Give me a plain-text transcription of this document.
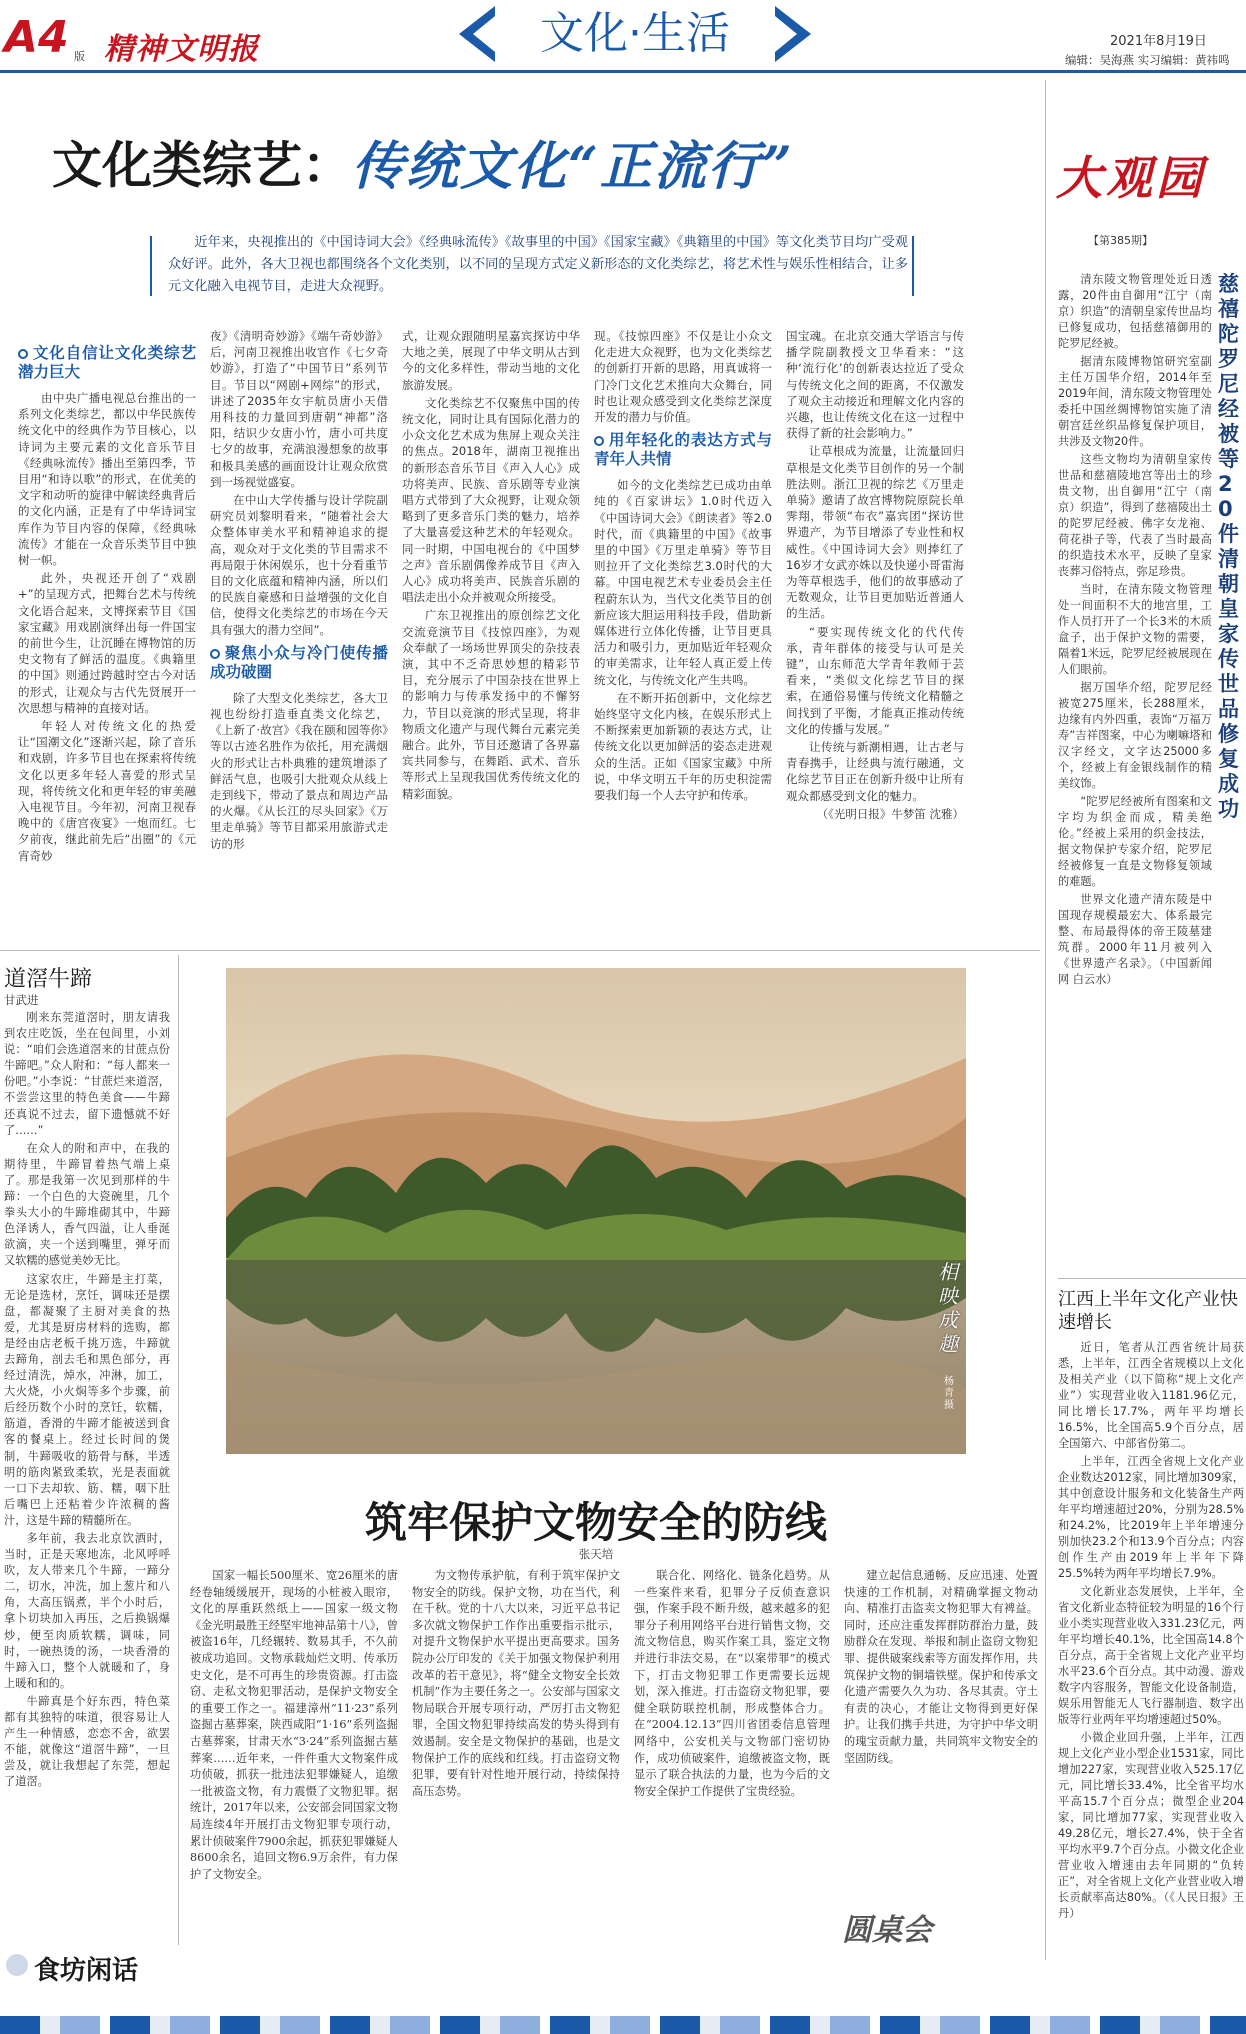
A4 版 精神文明报	文化·生活	2021年8月19日
编辑：吴海燕 实习编辑：黄祎鸣
文化类综艺：传统文化“正流行”
近年来，央视推出的《中国诗词大会》《经典咏流传》《故事里的中国》《国家宝藏》《典籍里的中国》等文化类节目均广受观众好评。此外，各大卫视也都围绕各个文化类别，以不同的呈现方式定义新形态的文化类综艺，将艺术性与娱乐性相结合，让多元文化融入电视节目，走进大众视野。
文化自信让文化类综艺潜力巨大

由中央广播电视总台推出的一系列文化类综艺，都以中华民族传统文化中的经典作为节目核心，以诗词为主要元素的文化音乐节目《经典咏流传》播出至第四季，节目用“和诗以歌”的形式，在优美的文字和动听的旋律中解读经典背后的文化内涵，正是有了中华诗词宝库作为节目内容的保障，《经典咏流传》才能在一众音乐类节目中独树一帜。

此外，央视还开创了“戏剧+”的呈现方式，把舞台艺术与传统文化语合起来，文博探索节目《国家宝藏》用戏剧演绎出每一件国宝的前世今生，让沉睡在博物馆的历史文物有了鲜活的温度。《典籍里的中国》则通过跨越时空古今对话的形式，让观众与古代先贤展开一次思想与精神的直接对话。

年轻人对传统文化的热爱让“国潮文化”逐渐兴起，除了音乐和戏剧，许多节目也在探索将传统文化以更多年轻人喜爱的形式呈现，将传统文化和更年轻的审美融入电视节目。今年初，河南卫视春晚中的《唐宫夜宴》一炮而红。七夕前夜，继此前先后“出圈”的《元宵奇妙

夜》《清明奇妙游》《端午奇妙游》后，河南卫视推出收官作《七夕奇妙游》，打造了“中国节日”系列节目。节目以“网剧+网综”的形式，讲述了2035年女宇航员唐小天借用科技的力量回到唐朝“神都”洛阳，结识少女唐小竹，唐小可共度七夕的故事，充满浪漫想象的故事和极具美感的画面设计让观众欣赏到一场视觉盛宴。

在中山大学传播与设计学院副研究员刘黎明看来，“随着社会大众整体审美水平和精神追求的提高，观众对于文化类的节目需求不再局限于休闲娱乐，也十分看重节目的文化底蕴和精神内涵，所以们的民族自豪感和日益增强的文化自信，使得文化类综艺的市场在今天具有强大的潜力空间”。

聚焦小众与冷门使传播成功破圈

除了大型文化类综艺，各大卫视也纷纷打造垂直类文化综艺，《上新了·故宫》《我在颐和园等你》等以古迹名胜作为依托，用充满烟火的形式让古朴典雅的建筑增添了鲜活气息，也吸引大批观众从线上走到线下，带动了景点和周边产品的火爆。《从长江的尽头回家》《万里走单骑》等节目都采用旅游式走访的形

式，让观众跟随明星嘉宾探访中华大地之美，展现了中华文明从古到今的文化多样性，带动当地的文化旅游发展。

文化类综艺不仅聚焦中国的传统文化，同时让具有国际化潜力的小众文化艺术成为焦屏上观众关注的焦点。2018年，湖南卫视推出的新形态音乐节目《声入人心》成功将美声、民族、音乐剧等专业演唱方式带到了大众视野，让观众领略到了更多音乐门类的魅力，培养了大量喜爱这种艺术的年轻观众。同一时期，中国电视台的《中国梦之声》音乐剧偶像养成节目《声入人心》成功将美声、民族音乐剧的唱法走出小众并被观众所接受。

广东卫视推出的原创综艺文化交流竞演节目《技惊四座》，为观众奉献了一场场世界顶尖的杂技表演，其中不乏奇思妙想的精彩节目，充分展示了中国杂技在世界上的影响力与传承发扬中的不懈努力，节目以竞演的形式呈现，将非物质文化遗产与现代舞台元素完美融合。此外，节目还邀请了各界嘉宾共同参与，在舞蹈、武术、音乐等形式上呈现我国优秀传统文化的精彩面貌。

现。《技惊四座》不仅是让小众文化走进大众视野，也为文化类综艺的创新打开新的思路，用真诚将一门冷门文化艺术推向大众舞台，同时也让观众感受到文化类综艺深度开发的潜力与价值。

用年轻化的表达方式与青年人共情

如今的文化类综艺已成功由单纯的《百家讲坛》1.0时代迈入《中国诗词大会》《朗读者》等2.0时代，而《典籍里的中国》《故事里的中国》《万里走单骑》等节目则拉开了文化类综艺3.0时代的大幕。中国电视艺术专业委员会主任程蔚东认为，当代文化类节目的创新应该大胆运用科技手段，借助新媒体进行立体化传播，让节目更具活力和吸引力，更加贴近年轻观众的审美需求，让年轻人真正爱上传统文化，与传统文化产生共鸣。

在不断开拓创新中，文化综艺始终坚守文化内核，在娱乐形式上不断探索更加新颖的表达方式，让传统文化以更加鲜活的姿态走进观众的生活。正如《国家宝藏》中所说，中华文明五千年的历史积淀需要我们每一个人去守护和传承。

国宝魂。在北京交通大学语言与传播学院副教授文卫华看来：“这种‘流行化’的创新表达拉近了受众与传统文化之间的距离，不仅激发了观众主动接近和理解文化内容的兴趣，也让传统文化在这一过程中获得了新的社会影响力。”

让草根成为流量，让流量回归草根是文化类节目创作的另一个制胜法则。浙江卫视的综艺《万里走单骑》邀请了故宫博物院原院长单霁翔，带领“布衣”嘉宾团“探访世界遗产，为节目增添了专业性和权威性。《中国诗词大会》则捧红了16岁才女武亦姝以及快递小哥雷海为等草根选手，他们的故事感动了无数观众，让节目更加贴近普通人的生活。

“要实现传统文化的代代传承，青年群体的接受与认可是关键”，山东师范大学青年教师于芸看来，“类似文化综艺节目的探索，在通俗易懂与传统文化精髓之间找到了平衡，才能真正推动传统文化的传播与发展。”

让传统与新潮相遇，让古老与青春携手，让经典与流行融通，文化综艺节目正在创新升级中让所有观众都感受到文化的魅力。

（《光明日报》牛梦笛 沈雅）

大观园
【第385期】
慈禧陀罗尼经被等20件清朝皇家传世品修复成功

清东陵文物管理处近日透露，20件由自御用“江宁（南京）织造”的清朝皇家传世品均已修复成功，包括慈禧御用的陀罗尼经被。

据清东陵博物馆研究室副主任万国华介绍，2014年至2019年间，清东陵文物管理处委托中国丝绸博物馆实施了清朝宫廷丝织品修复保护项目，共涉及文物20件。

这些文物均为清朝皇家传世品和慈禧陵地宫等出土的珍贵文物，出自御用“江宁（南京）织造”，得到了慈禧陵出土的陀罗尼经被、佛字女龙袍、荷花褂子等，代表了当时最高的织造技术水平，反映了皇家丧葬习俗特点，弥足珍贵。

当时，在清东陵文物管理处一间面积不大的地宫里，工作人员打开了一个长3米的木质盒子，出于保护文物的需要，隔着1米远，陀罗尼经被展现在人们眼前。

据万国华介绍，陀罗尼经被宽275厘米，长288厘米，边缘有内外四重，表饰“万福万寿”吉祥图案，中心为喇嘛塔和汉字经文，文字达25000多个，经被上有金银线制作的精美纹饰。

“陀罗尼经被所有图案和文字均为织金而成，精美绝伦。”经被上采用的织金技法，据文物保护专家介绍，陀罗尼经被修复一直是文物修复领域的难题。

世界文化遗产清东陵是中国现存规模最宏大、体系最完整、布局最得体的帝王陵墓建筑群。2000年11月被列入《世界遗产名录》。（中国新闻网 白云水）

江西上半年文化产业快速增长

近日，笔者从江西省统计局获悉，上半年，江西全省规模以上文化及相关产业（以下简称“规上文化产业”）实现营业收入1181.96亿元，同比增长17.7%，两年平均增长16.5%，比全国高5.9个百分点，居全国第六、中部省份第二。

上半年，江西全省规上文化产业企业数达2012家，同比增加309家，其中创意设计服务和文化装备生产两年平均增速超过20%，分别为28.5%和24.2%，比2019年上半年增速分别加快23.2个和13.9个百分点；内容创作生产由2019年上半年下降25.5%转为两年平均增长7.9%。

文化新业态发展快，上半年，全省文化新业态特征较为明显的16个行业小类实现营业收入331.23亿元，两年平均增长40.1%，比全国高14.8个百分点，高于全省规上文化产业平均水平23.6个百分点。其中动漫、游戏数字内容服务，智能文化设备制造，娱乐用智能无人飞行器制造、数字出版等行业两年平均增速超过50%。

小微企业回升强，上半年，江西规上文化产业小型企业1531家，同比增加227家，实现营业收入525.17亿元，同比增长33.4%，比全省平均水平高15.7个百分点；微型企业204家，同比增加77家，实现营业收入49.28亿元，增长27.4%，快于全省平均水平9.7个百分点。小微文化企业营业收入增速由去年同期的“负转正”，对全省规上文化产业营业收入增长贡献率高达80%。（《人民日报》王丹）

道滘牛蹄
甘武进

刚来东莞道滘时，朋友请我到农庄吃饭，坐在包间里，小刘说：“咱们会选道滘来的甘蔗点份牛蹄吧。”众人附和：“每人都来一份吧。”小李说：“甘蔗烂来道滘，不尝尝这里的特色美食——牛蹄还真说不过去，留下遗憾就不好了……”

在众人的附和声中，在我的期待里，牛蹄冒着热气端上桌了。那是我第一次见到那样的牛蹄：一个白色的大瓷碗里，几个拳头大小的牛蹄堆砌其中，牛蹄色泽诱人，香气四溢，让人垂涎欲滴，夹一个送到嘴里，弹牙而又软糯的感觉美妙无比。

这家农庄，牛蹄是主打菜，无论是选材，烹饪，调味还是摆盘，都凝聚了主厨对美食的热爱，尤其是厨房材料的选购，都是经由店老板千挑万选，牛蹄就去蹄角，剖去毛和黑色部分，再经过清洗，焯水，冲淋，加工，大火烧，小火焖等多个步骤，前后经历数个小时的烹饪，软糯，筋道，香滑的牛蹄才能被送到食客的餐桌上。经过长时间的煲制，牛蹄吸收的筋骨与酥，半透明的筋肉紧致柔软，光是表面就一口下去却软、筋、糯，咽下肚后嘴巴上还粘着少许浓稠的酱汁，这是牛蹄的精髓所在。

多年前，我去北京饮酒时，当时，正是天寒地冻，北风呼呼吹，友人带来几个牛蹄，一蹄分二，切水，冲洗，加上葱片和八角，大高压锅煮，半个小时后，拿卜切块加入再压，之后换锅爆炒，便至肉质软糯，调味，同时，一碗热烫的汤，一块香滑的牛蹄入口，整个人就暖和了，身上暖和和的。

牛蹄真是个好东西，特色菜都有其独特的味道，很容易让人产生一种情感，恋恋不舍，欲罢不能，就像这“道滘牛蹄”，一旦尝及，就让我想起了东莞，想起了道滘。

食坊闲话
相映成趣
杨青 摄
筑牢保护文物安全的防线
张天培

国家一幅长500厘米、宽26厘米的唐经卷轴缓缓展开，现场的小桩被入眼帘，文化的厚重跃然纸上——国家一级文物《金光明最胜王经堅牢地神品第十八》，曾被盗16年，几经辗转、数易其手，不久前被成功追回。文物承载灿烂文明、传承历史文化，是不可再生的珍贵资源。打击盗窃、走私文物犯罪活动，是保护文物安全的重要工作之一。福建漳州“11·23”系列盗掘古墓葬案，陕西咸阳“1·16”系列盗掘古墓葬案，甘肃天水“3·24”系列盗掘古墓葬案……近年来，一件件重大文物案件成功侦破，抓获一批违法犯罪嫌疑人，追缴一批被盗文物，有力震慑了文物犯罪。据统计，2017年以来，公安部会同国家文物局连续4年开展打击文物犯罪专项行动，累计侦破案件7900余起，抓获犯罪嫌疑人8600余名，追回文物6.9万余件，有力保护了文物安全。

为文物传承护航，有利于筑牢保护文物安全的防线。保护文物，功在当代，利在千秋。党的十八大以来，习近平总书记多次就文物保护工作作出重要指示批示，对提升文物保护水平提出更高要求。国务院办公厅印发的《关于加强文物保护利用改革的若干意见》，将“健全文物安全长效机制”作为主要任务之一。公安部与国家文物局联合开展专项行动，严厉打击文物犯罪，全国文物犯罪持续高发的势头得到有效遏制。安全是文物保护的基础，也是文物保护工作的底线和红线。打击盗窃文物犯罪，要有针对性地开展行动，持续保持高压态势。

联合化、网络化、链条化趋势。从一些案件来看，犯罪分子反侦查意识强，作案手段不断升级，越来越多的犯罪分子利用网络平台进行销售文物，交流文物信息，购买作案工具，鉴定文物并进行非法交易，在“以案带罪”的模式下，打击文物犯罪工作更需要长远规划，深入推进。打击盗窃文物犯罪，要健全联防联控机制，形成整体合力。在“2004.12.13”四川省团委信息管理网络中，公安机关与文物部门密切协作，成功侦破案件，追缴被盗文物，既显示了联合执法的力量，也为今后的文物安全保护工作提供了宝贵经验。

建立起信息通畅、反应迅速、处置快速的工作机制，对精确掌握文物动向、精准打击盗卖文物犯罪大有裨益。同时，还应注重发挥群防群治力量，鼓励群众在发现、举报和制止盗窃文物犯罪、提供破案线索等方面发挥作用，共筑保护文物的铜墙铁壁。保护和传承文化遗产需要久久为功、各尽其责。守土有责的决心，才能让文物得到更好保护。让我们携手共进，为守护中华文明的瑰宝贡献力量，共同筑牢文物安全的坚固防线。

圆桌会
